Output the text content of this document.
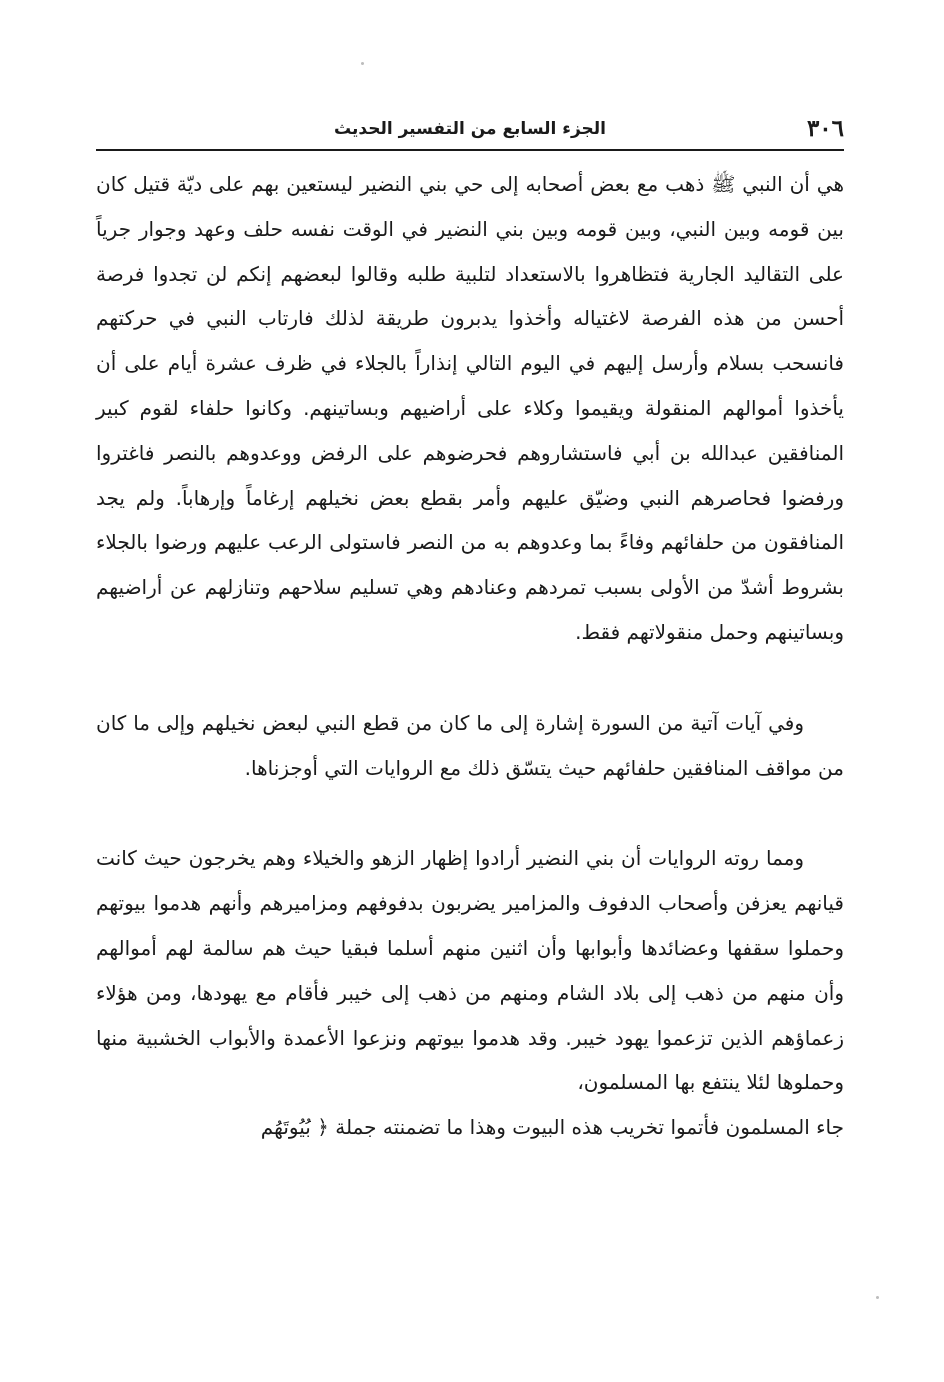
٣٠٦
الجزء السابع من التفسير الحديث

هي أن النبي ﷺ ذهب مع بعض أصحابه إلى حي بني النضير ليستعين بهم على ديّة قتيل كان بين قومه وبين النبي، وبين قومه وبين بني النضير في الوقت نفسه حلف وعهد وجوار جرياً على التقاليد الجارية فتظاهروا بالاستعداد لتلبية طلبه وقالوا لبعضهم إنكم لن تجدوا فرصة أحسن من هذه الفرصة لاغتياله وأخذوا يدبرون طريقة لذلك فارتاب النبي في حركتهم فانسحب بسلام وأرسل إليهم في اليوم التالي إنذاراً بالجلاء في ظرف عشرة أيام على أن يأخذوا أموالهم المنقولة ويقيموا وكلاء على أراضيهم وبساتينهم. وكانوا حلفاء لقوم كبير المنافقين عبدالله بن أبي فاستشاروهم فحرضوهم على الرفض ووعدوهم بالنصر فاغتروا ورفضوا فحاصرهم النبي وضيّق عليهم وأمر بقطع بعض نخيلهم إرغاماً وإرهاباً. ولم يجد المنافقون من حلفائهم وفاءً بما وعدوهم به من النصر فاستولى الرعب عليهم ورضوا بالجلاء بشروط أشدّ من الأولى بسبب تمردهم وعنادهم وهي تسليم سلاحهم وتنازلهم عن أراضيهم وبساتينهم وحمل منقولاتهم فقط.

وفي آيات آتية من السورة إشارة إلى ما كان من قطع النبي لبعض نخيلهم وإلى ما كان من مواقف المنافقين حلفائهم حيث يتسّق ذلك مع الروايات التي أوجزناها.

ومما روته الروايات أن بني النضير أرادوا إظهار الزهو والخيلاء وهم يخرجون حيث كانت قيانهم يعزفن وأصحاب الدفوف والمزامير يضربون بدفوفهم ومزاميرهم وأنهم هدموا بيوتهم وحملوا سقفها وعضائدها وأبوابها وأن اثنين منهم أسلما فبقيا حيث هم سالمة لهم أموالهم وأن منهم من ذهب إلى بلاد الشام ومنهم من ذهب إلى خيبر فأقام مع يهودها، ومن هؤلاء زعماؤهم الذين تزعموا يهود خيبر. وقد هدموا بيوتهم ونزعوا الأعمدة والأبواب الخشبية منها وحملوها لئلا ينتفع بها المسلمون،

جاء المسلمون فأتموا تخريب هذه البيوت وهذا ما تضمنته جملة ﴿ بُيُوتَهُم
